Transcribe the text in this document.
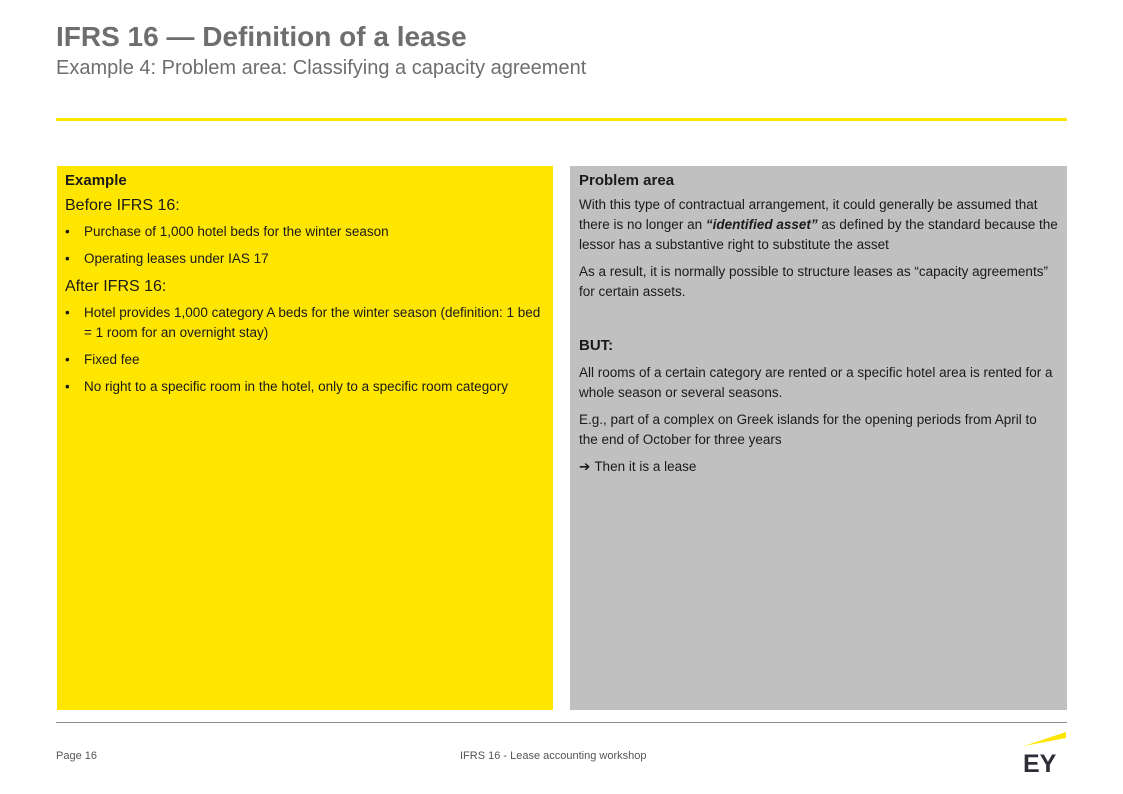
IFRS 16 — Definition of a lease
Example 4: Problem area: Classifying a capacity agreement
Example
Before IFRS 16:
• Purchase of 1,000 hotel beds for the winter season
• Operating leases under IAS 17
After IFRS 16:
• Hotel provides 1,000 category A beds for the winter season (definition: 1 bed = 1 room for an overnight stay)
• Fixed fee
• No right to a specific room in the hotel, only to a specific room category
Problem area
With this type of contractual arrangement, it could generally be assumed that there is no longer an “identified asset” as defined by the standard because the lessor has a substantive right to substitute the asset
As a result, it is normally possible to structure leases as “capacity agreements” for certain assets.
BUT:
All rooms of a certain category are rented or a specific hotel area is rented for a whole season or several seasons.
E.g., part of a complex on Greek islands for the opening periods from April to the end of October for three years
➔ Then it is a lease
Page 16	IFRS 16 - Lease accounting workshop	EY
